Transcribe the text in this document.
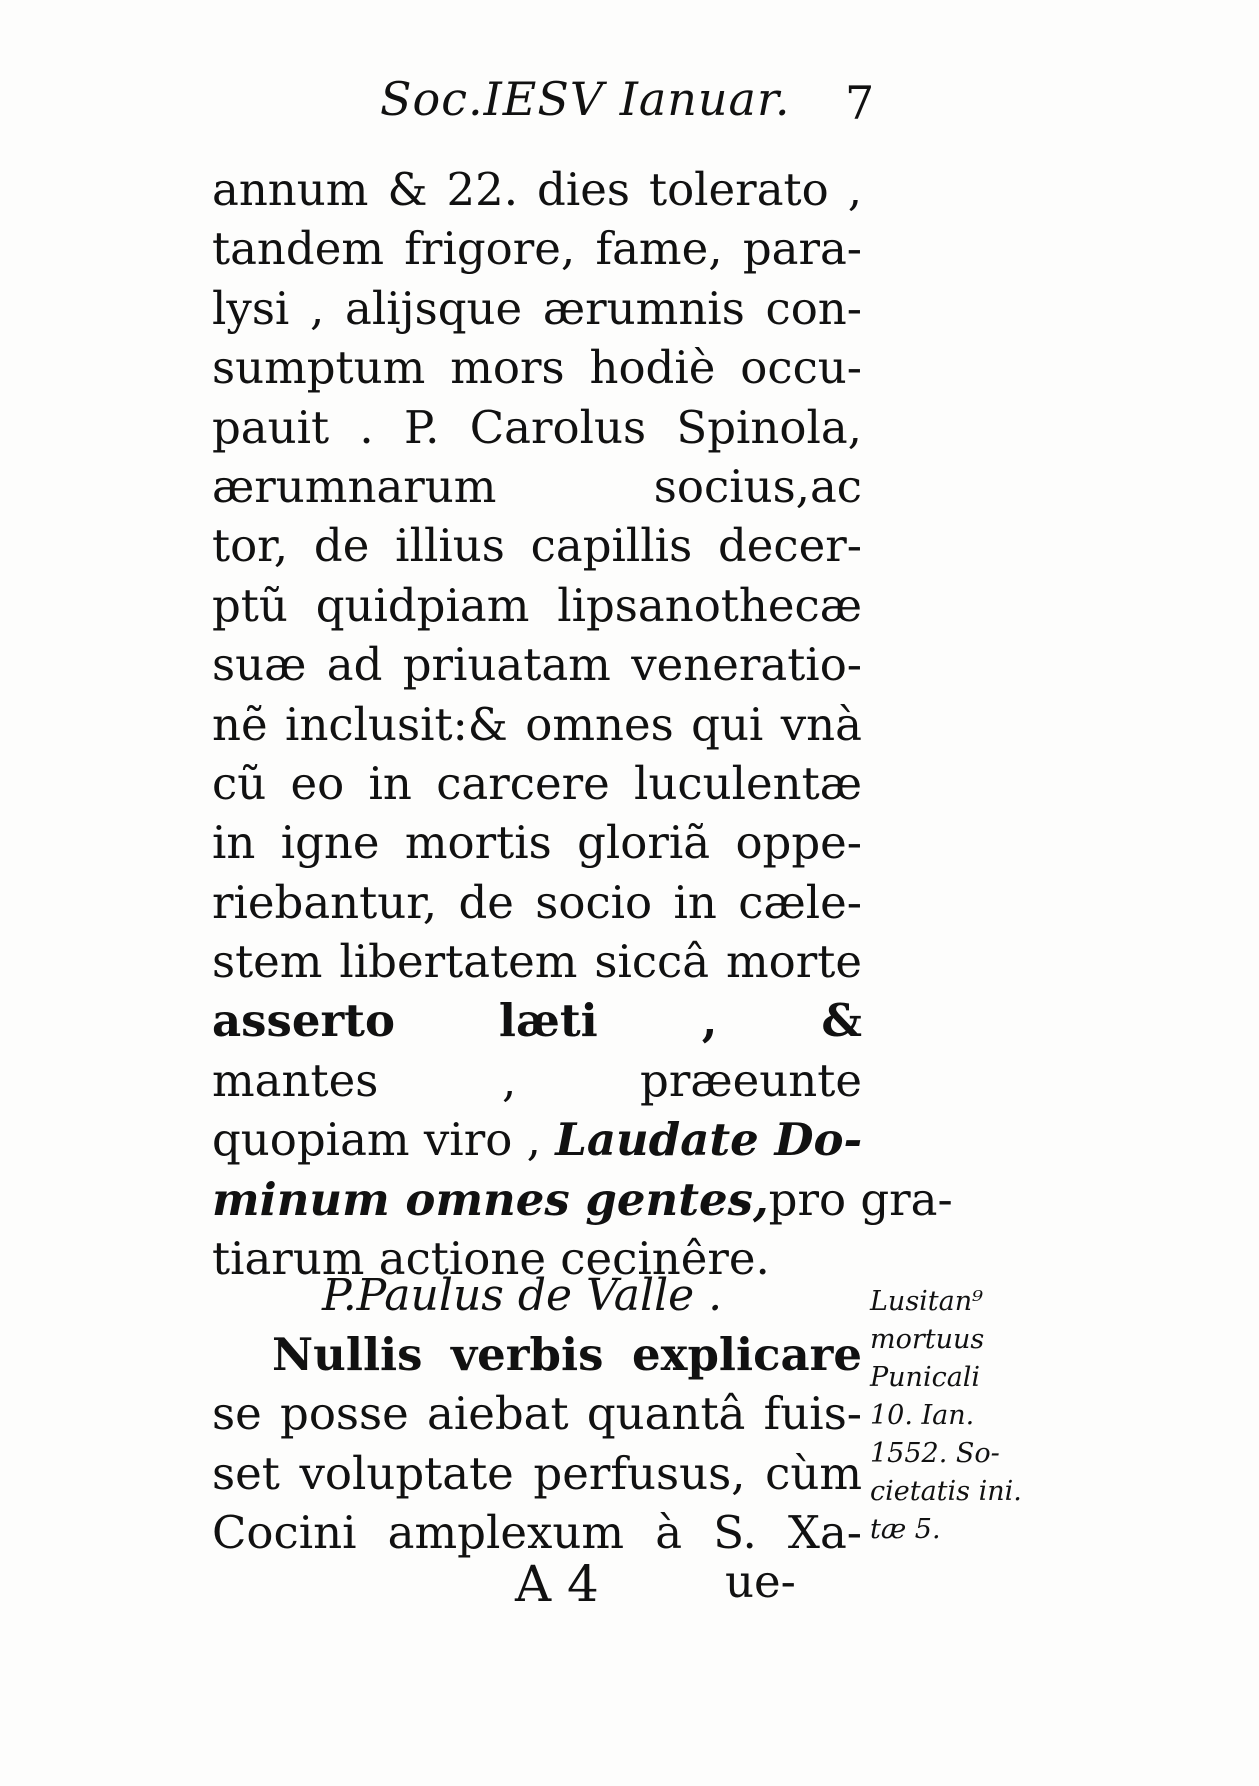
Soc.IESV Ianuar. 7
annum & 22. dies tolerato ,
tandem frigore, fame, para-
lysi , alijsque ærumnis con-
sumptum mors hodiè occu-
pauit . P. Carolus Spinola,
ærumnarum socius,ac
tor, de illius capillis decer-
ptũ quidpiam lipsanothecæ
suæ ad priuatam veneratio-
nẽ inclusit:& omnes qui vnà
cũ eo in carcere luculentæ
in igne mortis gloriã oppe-
riebantur, de socio in cæle-
stem libertatem siccâ morte
asserto læti , &
mantes , præeunte
quopiam viro , Laudate Do-
minum omnes gentes,pro gra-
tiarum actione cecinêre.
P.Paulus de Valle .
Nullis verbis explicare
se posse aiebat quantâ fuis-
set voluptate perfusus, cùm
Cocini amplexum à S. Xa-
Lusitan⁹
mortuus
Punicali
10. Ian.
1552. So-
cietatis ini.
tæ 5.
A 4	ue-
